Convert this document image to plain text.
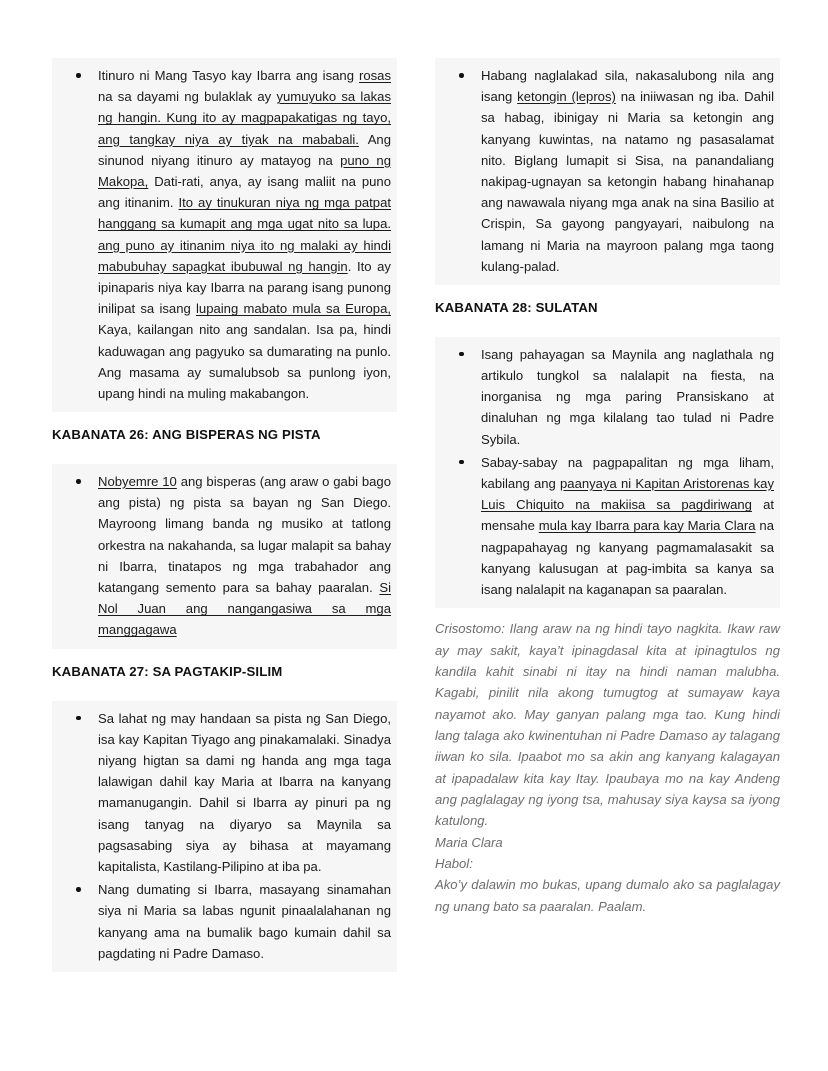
Itinuro ni Mang Tasyo kay Ibarra ang isang rosas na sa dayami ng bulaklak ay yumuyuko sa lakas ng hangin. Kung ito ay magpapakatigas ng tayo, ang tangkay niya ay tiyak na mababali. Ang sinunod niyang itinuro ay matayog na puno ng Makopa, Dati-rati, anya, ay isang maliit na puno ang itinanim. Ito ay tinukuran niya ng mga patpat hanggang sa kumapit ang mga ugat nito sa lupa. ang puno ay itinanim niya ito ng malaki ay hindi mabubuhay sapagkat ibubuwal ng hangin. Ito ay ipinaparis niya kay Ibarra na parang isang punong inilipat sa isang lupaing mabato mula sa Europa, Kaya, kailangan nito ang sandalan. Isa pa, hindi kaduwagan ang pagyuko sa dumarating na punlo. Ang masama ay sumalubsob sa punlong iyon, upang hindi na muling makabangon.
KABANATA 26: ANG BISPERAS NG PISTA
Nobyemre 10 ang bisperas (ang araw o gabi bago ang pista) ng pista sa bayan ng San Diego. Mayroong limang banda ng musiko at tatlong orkestra na nakahanda, sa lugar malapit sa bahay ni Ibarra, tinatapos ng mga trabahador ang katangang semento para sa bahay paaralan. Si Nol Juan ang nangangasiwa sa mga manggagawa
KABANATA 27: SA PAGTAKIP-SILIM
Sa lahat ng may handaan sa pista ng San Diego, isa kay Kapitan Tiyago ang pinakamalaki. Sinadya niyang higtan sa dami ng handa ang mga taga lalawigan dahil kay Maria at Ibarra na kanyang mamanugangin. Dahil si Ibarra ay pinuri pa ng isang tanyag na diyaryo sa Maynila sa pagsasabing siya ay bihasa at mayamang kapitalista, Kastilang-Pilipino at iba pa.
Nang dumating si Ibarra, masayang sinamahan siya ni Maria sa labas ngunit pinaalalahanan ng kanyang ama na bumalik bago kumain dahil sa pagdating ni Padre Damaso.
Habang naglalakad sila, nakasalubong nila ang isang ketongin (lepros) na iniiwasan ng iba. Dahil sa habag, ibinigay ni Maria sa ketongin ang kanyang kuwintas, na natamo ng pasasalamat nito. Biglang lumapit si Sisa, na panandaliang nakipag-ugnayan sa ketongin habang hinahanap ang nawawala niyang mga anak na sina Basilio at Crispin, Sa gayong pangyayari, naibulong na lamang ni Maria na mayroon palang mga taong kulang-palad.
KABANATA 28: SULATAN
Isang pahayagan sa Maynila ang naglathala ng artikulo tungkol sa nalalapit na fiesta, na inorganisa ng mga paring Pransiskano at dinaluhan ng mga kilalang tao tulad ni Padre Sybila.
Sabay-sabay na pagpapalitan ng mga liham, kabilang ang paanyaya ni Kapitan Aristorenas kay Luis Chiquito na makiisa sa pagdiriwang at mensahe mula kay Ibarra para kay Maria Clara na nagpapahayag ng kanyang pagmamalasakit sa kanyang kalusugan at pag-imbita sa kanya sa isang nalalapit na kaganapan sa paaralan.

Crisostomo: Ilang araw na ng hindi tayo nagkita. Ikaw raw ay may sakit, kaya’t ipinagdasal kita at ipinagtulos ng kandila kahit sinabi ni itay na hindi naman malubha. Kagabi, pinilit nila akong tumugtog at sumayaw kaya nayamot ako. May ganyan palang mga tao. Kung hindi lang talaga ako kwinentuhan ni Padre Damaso ay talagang iiwan ko sila. Ipaabot mo sa akin ang kanyang kalagayan at ipapadalaw kita kay Itay. Ipaubaya mo na kay Andeng ang paglalagay ng iyong tsa, mahusay siya kaysa sa iyong katulong.

Maria Clara

Habol:

Ako’y dalawin mo bukas, upang dumalo ako sa paglalagay ng unang bato sa paaralan. Paalam.
